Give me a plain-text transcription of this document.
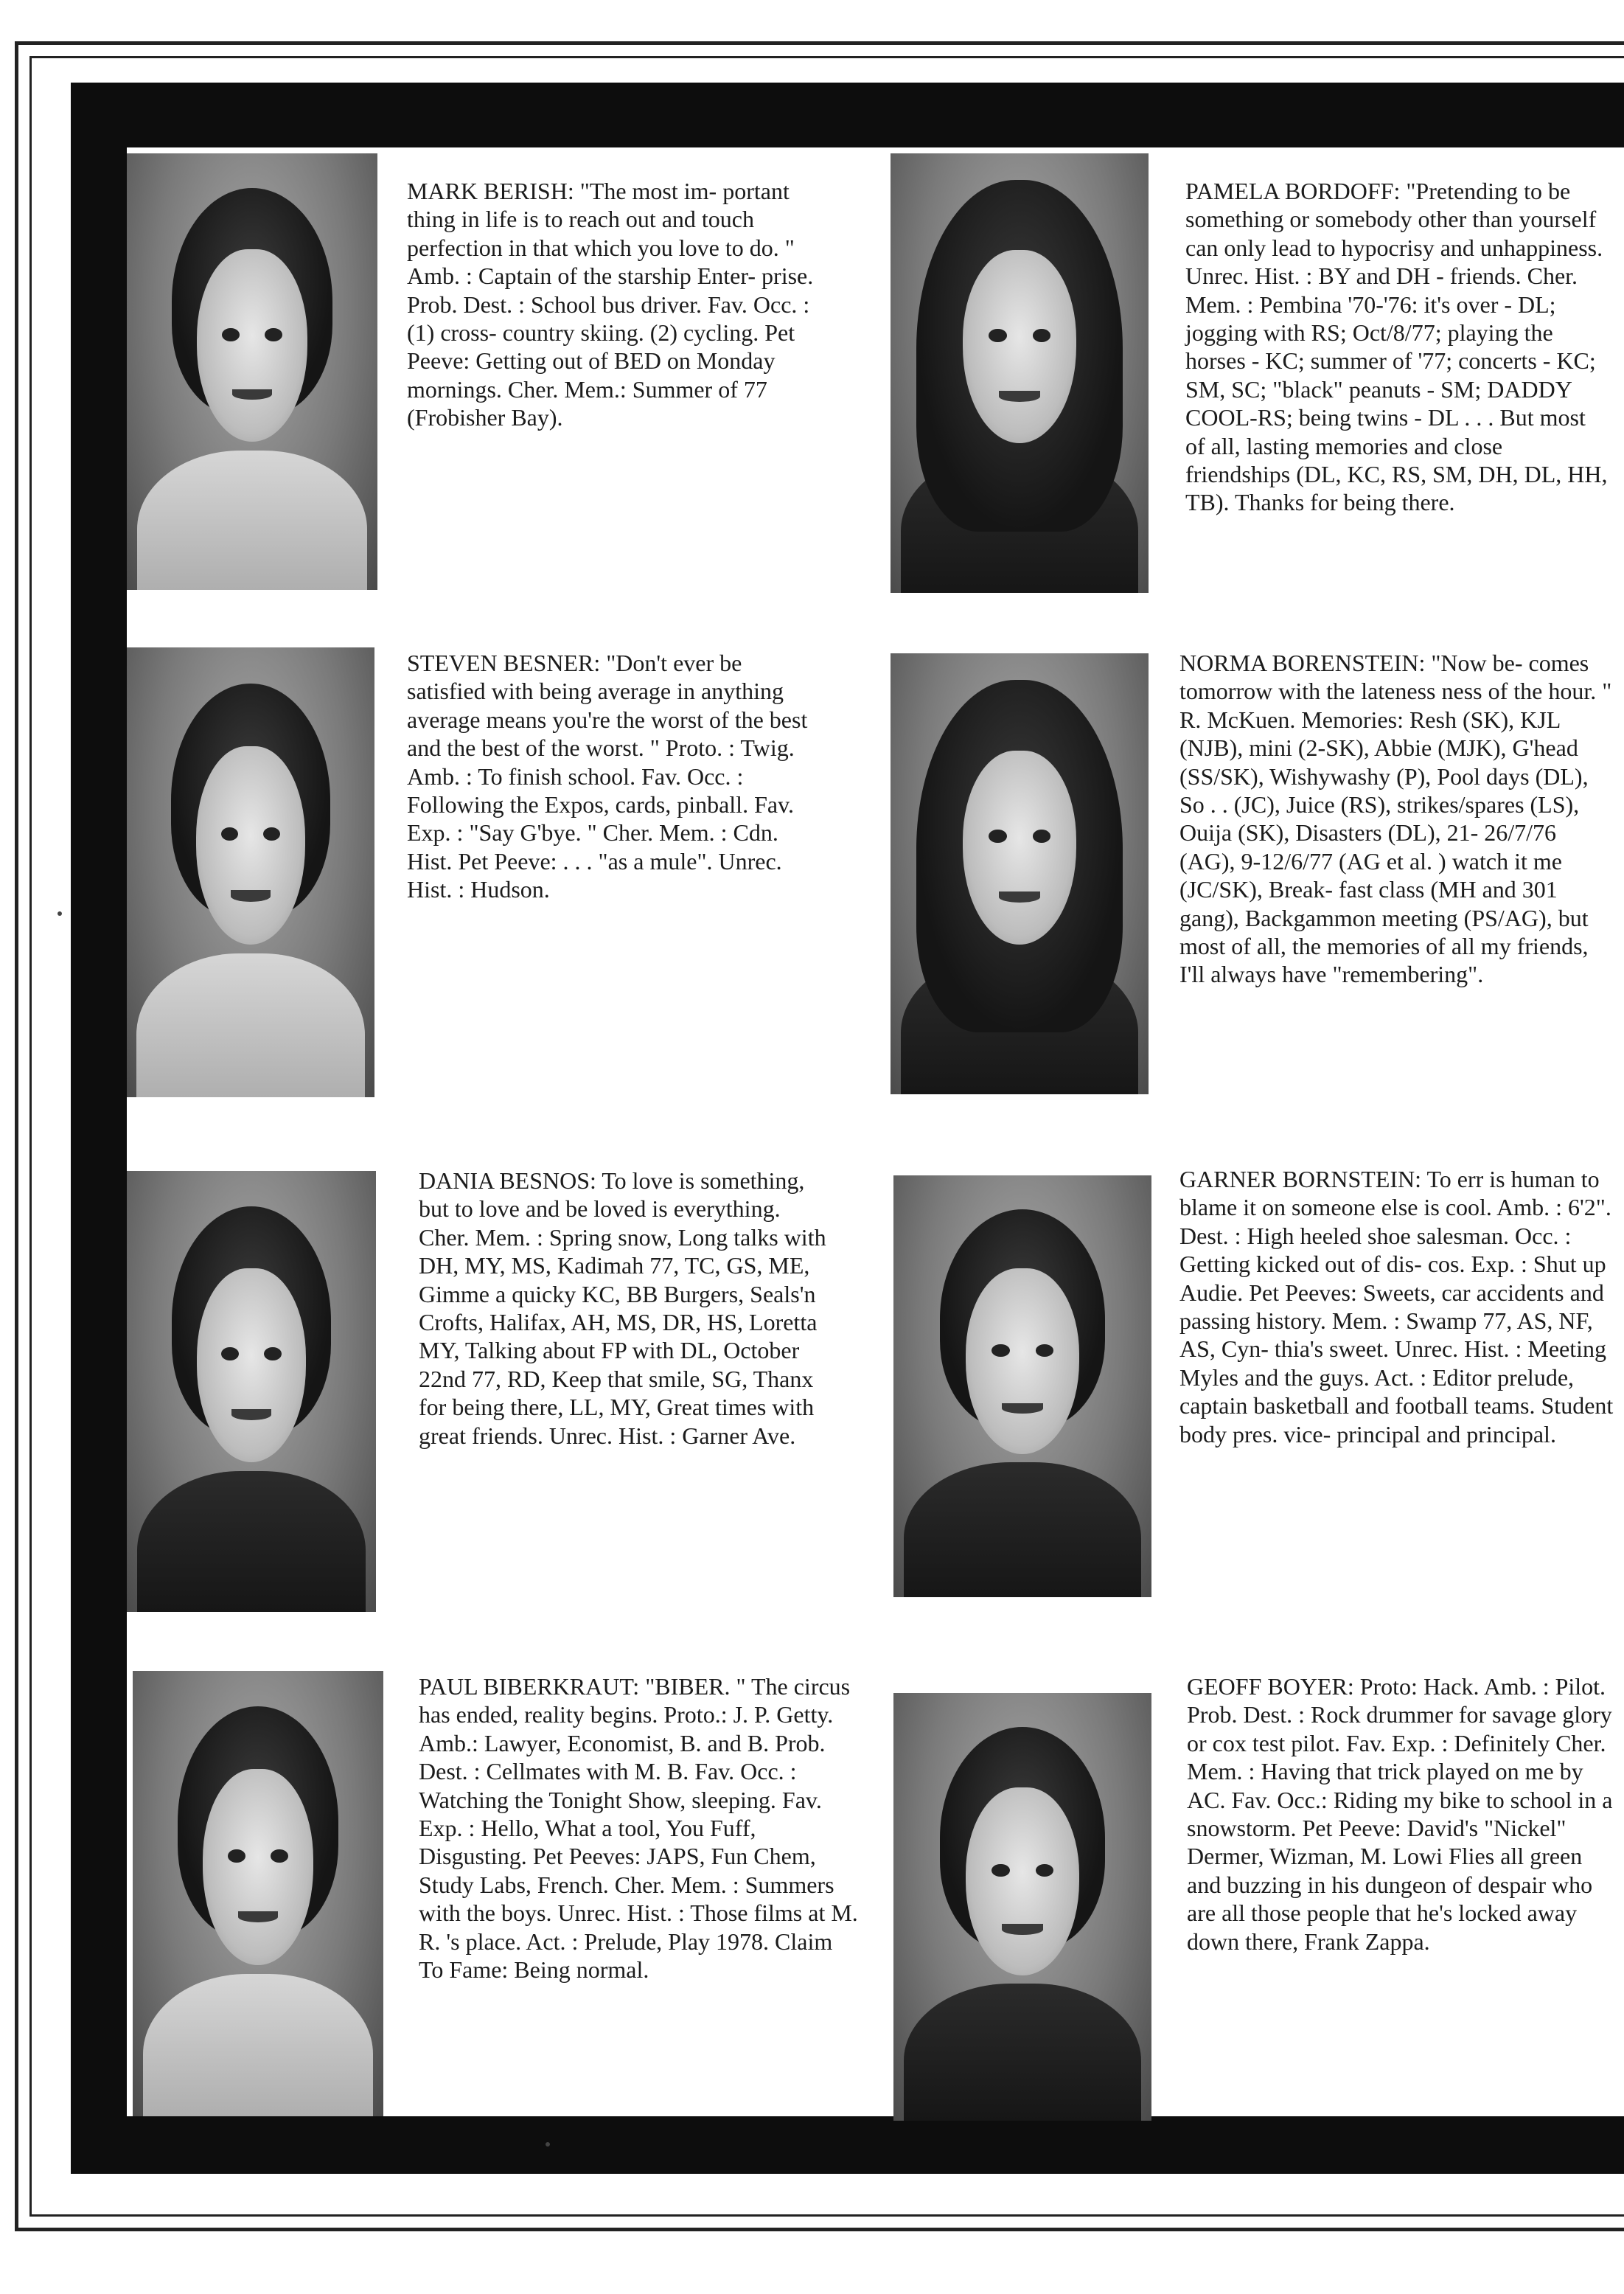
MARK BERISH: "The most im- portant thing in life is to reach out and touch perfection in that which you love to do. " Amb. : Captain of the starship Enter- prise. Prob. Dest. : School bus driver. Fav. Occ. : (1) cross- country skiing. (2) cycling. Pet Peeve: Getting out of BED on Monday mornings. Cher. Mem.: Summer of 77 (Frobisher Bay).

PAMELA BORDOFF: "Pretending to be something or somebody other than yourself can only lead to hypocrisy and unhappiness. Unrec. Hist. : BY and DH - friends. Cher. Mem. : Pembina '70-'76: it's over - DL; jogging with RS; Oct/8/77; playing the horses - KC; summer of '77; concerts - KC; SM, SC; "black" peanuts - SM; DADDY COOL-RS; being twins - DL . . . But most of all, lasting memories and close friendships (DL, KC, RS, SM, DH, DL, HH, TB). Thanks for being there.

STEVEN BESNER: "Don't ever be satisfied with being average in anything average means you're the worst of the best and the best of the worst. " Proto. : Twig. Amb. : To finish school. Fav. Occ. : Following the Expos, cards, pinball. Fav. Exp. : "Say G'bye. " Cher. Mem. : Cdn. Hist. Pet Peeve: . . . "as a mule". Unrec. Hist. : Hudson.

NORMA BORENSTEIN: "Now be- comes tomorrow with the lateness ness of the hour. " R. McKuen. Memories: Resh (SK), KJL (NJB), mini (2-SK), Abbie (MJK), G'head (SS/SK), Wishywashy (P), Pool days (DL), So . . (JC), Juice (RS), strikes/spares (LS), Ouija (SK), Disasters (DL), 21- 26/7/76 (AG), 9-12/6/77 (AG et al. ) watch it me (JC/SK), Break- fast class (MH and 301 gang), Backgammon meeting (PS/AG), but most of all, the memories of all my friends, I'll always have "remembering".

DANIA BESNOS: To love is something, but to love and be loved is everything. Cher. Mem. : Spring snow, Long talks with DH, MY, MS, Kadimah 77, TC, GS, ME, Gimme a quicky KC, BB Burgers, Seals'n Crofts, Halifax, AH, MS, DR, HS, Loretta MY, Talking about FP with DL, October 22nd 77, RD, Keep that smile, SG, Thanx for being there, LL, MY, Great times with great friends. Unrec. Hist. : Garner Ave.

GARNER BORNSTEIN: To err is human to blame it on someone else is cool. Amb. : 6'2". Dest. : High heeled shoe salesman. Occ. : Getting kicked out of dis- cos. Exp. : Shut up Audie. Pet Peeves: Sweets, car accidents and passing history. Mem. : Swamp 77, AS, NF, AS, Cyn- thia's sweet. Unrec. Hist. : Meeting Myles and the guys. Act. : Editor prelude, captain basketball and football teams. Student body pres. vice- principal and principal.

PAUL BIBERKRAUT: "BIBER. " The circus has ended, reality begins. Proto.: J. P. Getty. Amb.: Lawyer, Economist, B. and B. Prob. Dest. : Cellmates with M. B. Fav. Occ. : Watching the Tonight Show, sleeping. Fav. Exp. : Hello, What a tool, You Fuff, Disgusting. Pet Peeves: JAPS, Fun Chem, Study Labs, French. Cher. Mem. : Summers with the boys. Unrec. Hist. : Those films at M. R. 's place. Act. : Prelude, Play 1978. Claim To Fame: Being normal.

GEOFF BOYER: Proto: Hack. Amb. : Pilot. Prob. Dest. : Rock drummer for savage glory or cox test pilot. Fav. Exp. : Definitely Cher. Mem. : Having that trick played on me by AC. Fav. Occ.: Riding my bike to school in a snowstorm. Pet Peeve: David's "Nickel" Dermer, Wizman, M. Lowi Flies all green and buzzing in his dungeon of despair who are all those people that he's locked away down there, Frank Zappa.
